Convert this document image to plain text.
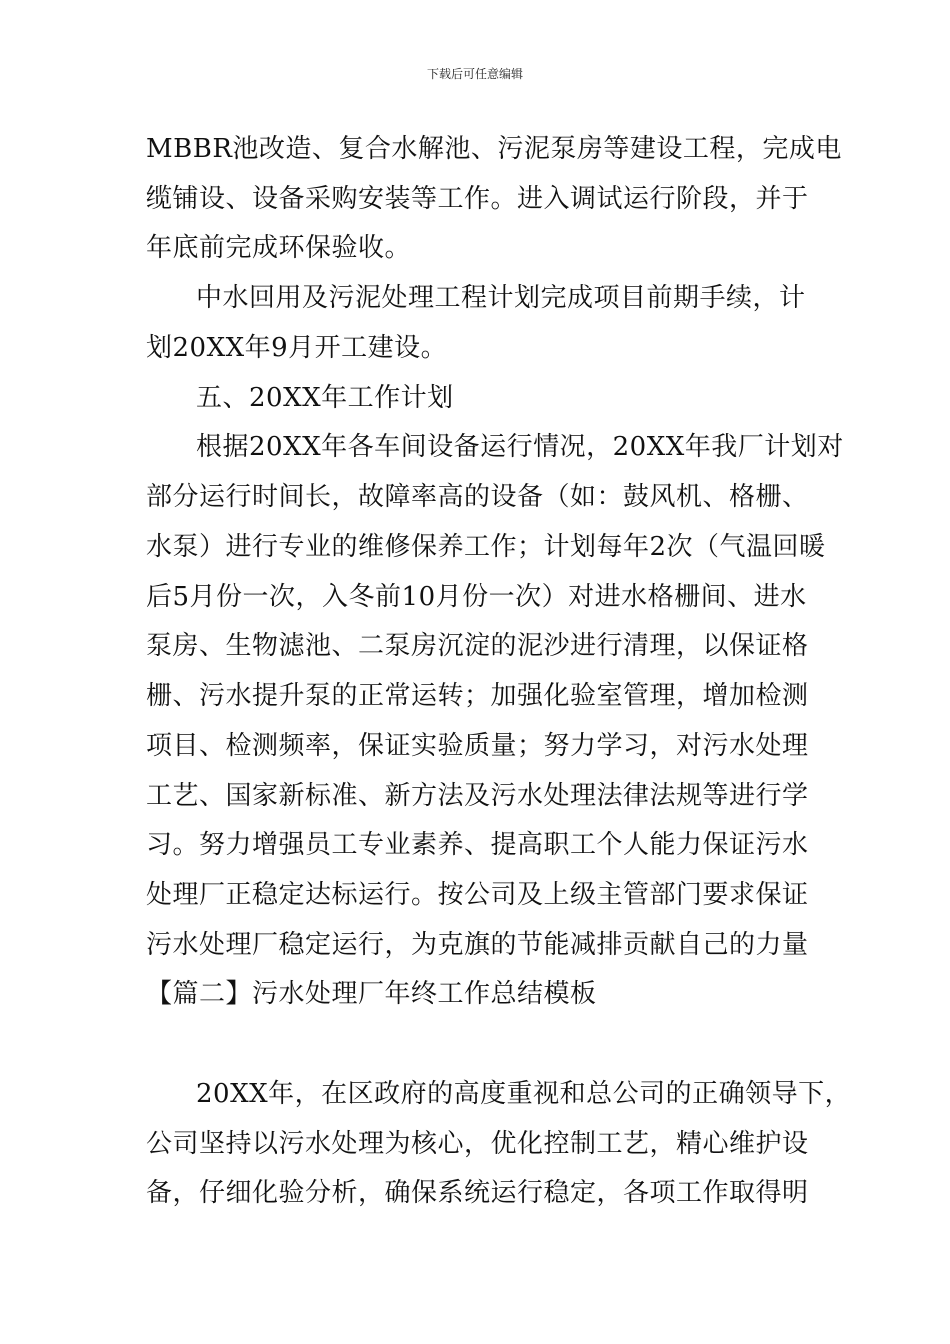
下载后可任意编辑
MBBR池改造、复合水解池、污泥泵房等建设工程，完成电
缆铺设、设备采购安装等工作。进入调试运行阶段，并于
年底前完成环保验收。
中水回用及污泥处理工程计划完成项目前期手续，计
划20XX年9月开工建设。
五、20XX年工作计划
根据20XX年各车间设备运行情况，20XX年我厂计划对
部分运行时间长，故障率高的设备（如：鼓风机、格栅、
水泵）进行专业的维修保养工作；计划每年2次（气温回暖
后5月份一次，入冬前10月份一次）对进水格栅间、进水
泵房、生物滤池、二泵房沉淀的泥沙进行清理，以保证格
栅、污水提升泵的正常运转；加强化验室管理，增加检测
项目、检测频率，保证实验质量；努力学习，对污水处理
工艺、国家新标准、新方法及污水处理法律法规等进行学
习。努力增强员工专业素养、提高职工个人能力保证污水
处理厂正稳定达标运行。按公司及上级主管部门要求保证
污水处理厂稳定运行，为克旗的节能减排贡献自己的力量
【篇二】污水处理厂年终工作总结模板
20XX年，在区政府的高度重视和总公司的正确领导下，
公司坚持以污水处理为核心，优化控制工艺，精心维护设
备，仔细化验分析，确保系统运行稳定，各项工作取得明
